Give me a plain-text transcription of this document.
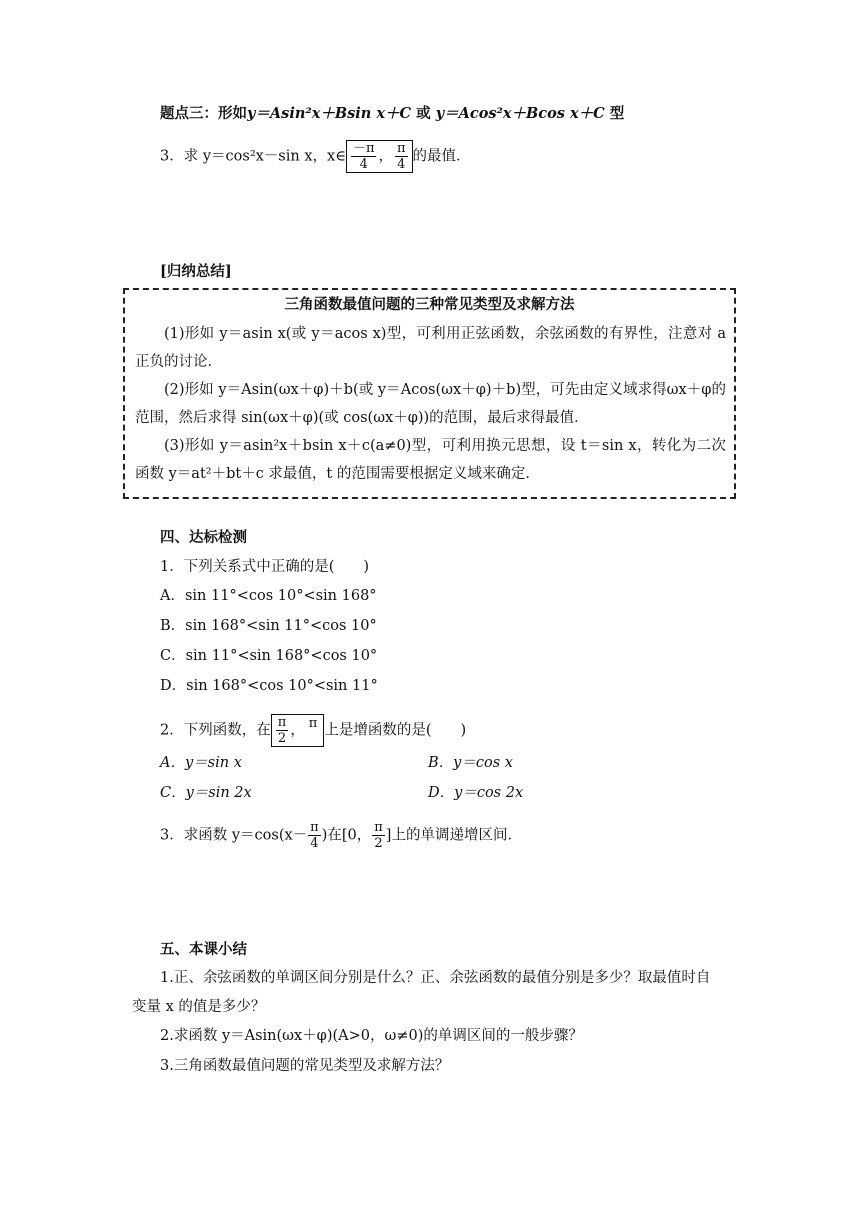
题点三：形如y＝Asin²x＋Bsin x＋C 或 y＝Acos²x＋Bcos x＋C 型
3．求 y＝cos²x－sin x，x∈ $\frac{-\pi}{4}$ ， $\frac{\pi}{4}$ 的最值．
[归纳总结]
三角函数最值问题的三种常见类型及求解方法
(1)形如 y＝asin x(或 y＝acos x)型，可利用正弦函数，余弦函数的有界性，注意对 a 正负的讨论．
(2)形如 y＝Asin(ωx＋φ)＋b(或 y＝Acos(ωx＋φ)＋b)型，可先由定义域求得ωx＋φ的范围，然后求得 sin(ωx＋φ)(或 cos(ωx＋φ))的范围，最后求得最值．
(3)形如 y＝asin²x＋bsin x＋c(a≠0)型，可利用换元思想，设 t＝sin x，转化为二次函数 y＝at²＋bt＋c 求最值，t 的范围需要根据定义域来确定．
四、达标检测
1．下列关系式中正确的是(　　)
A．sin 11°<cos 10°<sin 168°
B．sin 168°<sin 11°<cos 10°
C．sin 11°<sin 168°<cos 10°
D．sin 168°<cos 10°<sin 11°
2．下列函数，在 $\frac{\pi}{2}$ ， π
上是增函数的是(　　)
A．y＝sin x	B．y＝cos x
C．y＝sin 2x	D．y＝cos 2x
3．求函数 $y=\cos(x- \frac{\pi}{4}$ )在[0， $\frac{\pi}{2}$ ]上的单调递增区间．
五、本课小结
1.正、余弦函数的单调区间分别是什么？正、余弦函数的最值分别是多少？取最值时自
变量 x 的值是多少？
2.求函数 y＝Asin(ωx＋φ)(A>0，ω≠0)的单调区间的一般步骤？
3.三角函数最值问题的常见类型及求解方法？
